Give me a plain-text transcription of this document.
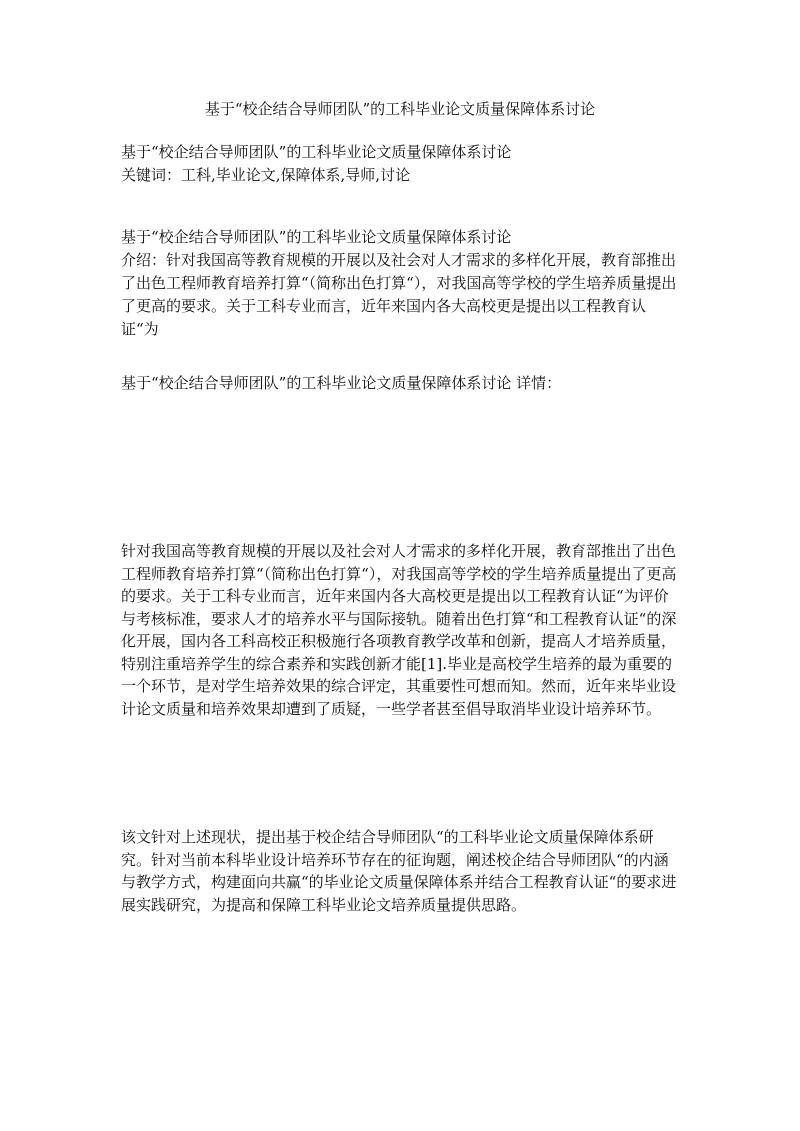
基于“校企结合导师团队”的工科毕业论文质量保障体系讨论

基于“校企结合导师团队”的工科毕业论文质量保障体系讨论

关键词：工科,毕业论文,保障体系,导师,讨论

基于“校企结合导师团队”的工科毕业论文质量保障体系讨论

介绍：针对我国高等教育规模的开展以及社会对人才需求的多样化开展，教育部推出了出色工程师教育培养打算“（简称出色打算“），对我国高等学校的学生培养质量提出了更高的要求。关于工科专业而言，近年来国内各大高校更是提出以工程教育认证“为

基于“校企结合导师团队”的工科毕业论文质量保障体系讨论 详情：

针对我国高等教育规模的开展以及社会对人才需求的多样化开展，教育部推出了出色工程师教育培养打算“（简称出色打算“），对我国高等学校的学生培养质量提出了更高的要求。关于工科专业而言，近年来国内各大高校更是提出以工程教育认证“为评价与考核标准，要求人才的培养水平与国际接轨。随着出色打算“和工程教育认证“的深化开展，国内各工科高校正积极施行各项教育教学改革和创新，提高人才培养质量，特别注重培养学生的综合素养和实践创新才能[1].毕业是高校学生培养的最为重要的一个环节，是对学生培养效果的综合评定，其重要性可想而知。然而，近年来毕业设计论文质量和培养效果却遭到了质疑，一些学者甚至倡导取消毕业设计培养环节。

该文针对上述现状，提出基于校企结合导师团队“的工科毕业论文质量保障体系研究。针对当前本科毕业设计培养环节存在的征询题，阐述校企结合导师团队“的内涵与教学方式，构建面向共赢“的毕业论文质量保障体系并结合工程教育认证“的要求进展实践研究，为提高和保障工科毕业论文培养质量提供思路。
